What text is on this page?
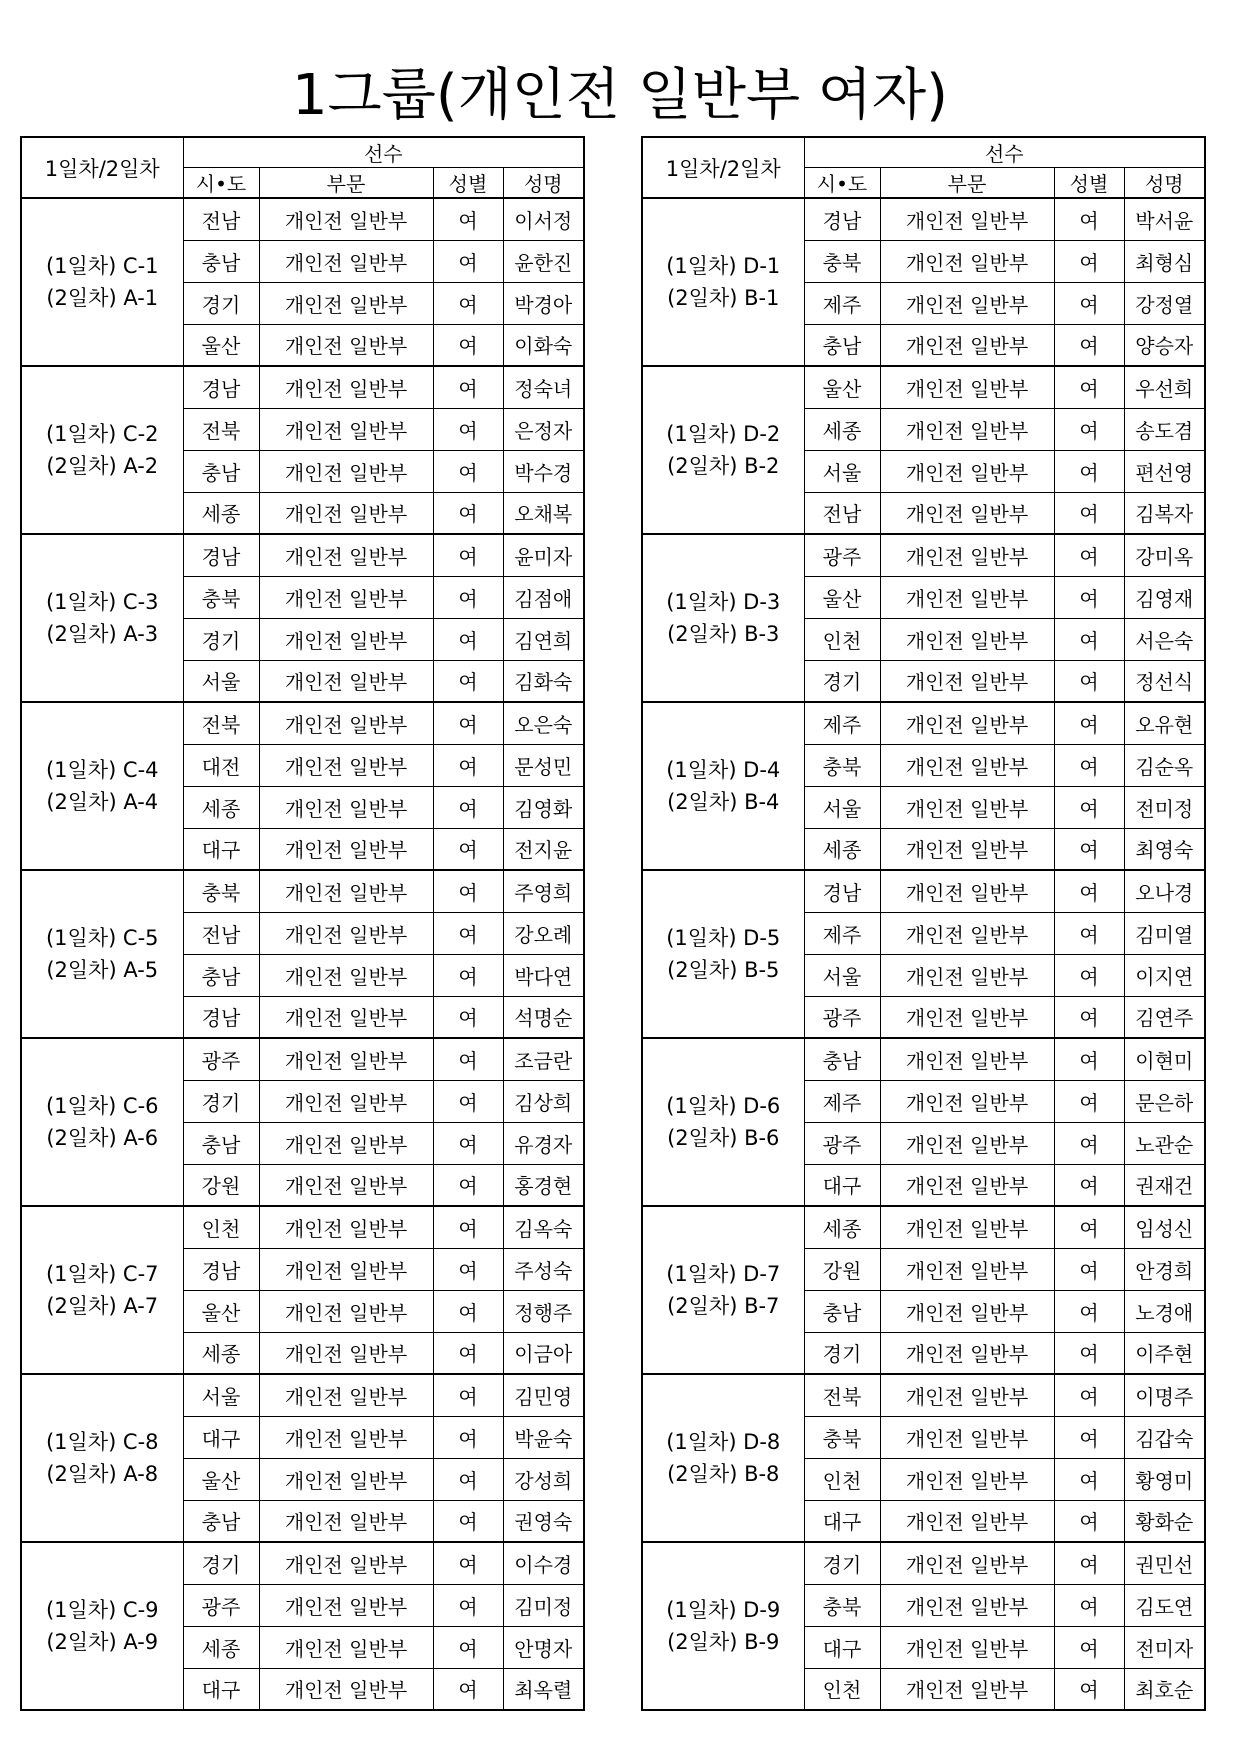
1그룹(개인전 일반부 여자)
1일차/2일차	선수			
	시•도	부문	성별	성명

(1일차) C-1
(2일차) A-1	전남	개인전 일반부	여	이서정
	충남	개인전 일반부	여	윤한진
	경기	개인전 일반부	여	박경아
	울산	개인전 일반부	여	이화숙

(1일차) C-2
(2일차) A-2	경남	개인전 일반부	여	정숙녀
	전북	개인전 일반부	여	은정자
	충남	개인전 일반부	여	박수경
	세종	개인전 일반부	여	오채복

(1일차) C-3
(2일차) A-3	경남	개인전 일반부	여	윤미자
	충북	개인전 일반부	여	김점애
	경기	개인전 일반부	여	김연희
	서울	개인전 일반부	여	김화숙

(1일차) C-4
(2일차) A-4	전북	개인전 일반부	여	오은숙
	대전	개인전 일반부	여	문성민
	세종	개인전 일반부	여	김영화
	대구	개인전 일반부	여	전지윤

(1일차) C-5
(2일차) A-5	충북	개인전 일반부	여	주영희
	전남	개인전 일반부	여	강오례
	충남	개인전 일반부	여	박다연
	경남	개인전 일반부	여	석명순

(1일차) C-6
(2일차) A-6	광주	개인전 일반부	여	조금란
	경기	개인전 일반부	여	김상희
	충남	개인전 일반부	여	유경자
	강원	개인전 일반부	여	홍경현

(1일차) C-7
(2일차) A-7	인천	개인전 일반부	여	김옥숙
	경남	개인전 일반부	여	주성숙
	울산	개인전 일반부	여	정행주
	세종	개인전 일반부	여	이금아

(1일차) C-8
(2일차) A-8	서울	개인전 일반부	여	김민영
	대구	개인전 일반부	여	박윤숙
	울산	개인전 일반부	여	강성희
	충남	개인전 일반부	여	권영숙

(1일차) C-9
(2일차) A-9	경기	개인전 일반부	여	이수경
	광주	개인전 일반부	여	김미정
	세종	개인전 일반부	여	안명자
	대구	개인전 일반부	여	최옥렬
1일차/2일차	선수			
	시•도	부문	성별	성명

(1일차) D-1
(2일차) B-1	경남	개인전 일반부	여	박서윤
	충북	개인전 일반부	여	최형심
	제주	개인전 일반부	여	강정열
	충남	개인전 일반부	여	양승자

(1일차) D-2
(2일차) B-2	울산	개인전 일반부	여	우선희
	세종	개인전 일반부	여	송도겸
	서울	개인전 일반부	여	편선영
	전남	개인전 일반부	여	김복자

(1일차) D-3
(2일차) B-3	광주	개인전 일반부	여	강미옥
	울산	개인전 일반부	여	김영재
	인천	개인전 일반부	여	서은숙
	경기	개인전 일반부	여	정선식

(1일차) D-4
(2일차) B-4	제주	개인전 일반부	여	오유현
	충북	개인전 일반부	여	김순옥
	서울	개인전 일반부	여	전미정
	세종	개인전 일반부	여	최영숙

(1일차) D-5
(2일차) B-5	경남	개인전 일반부	여	오나경
	제주	개인전 일반부	여	김미열
	서울	개인전 일반부	여	이지연
	광주	개인전 일반부	여	김연주

(1일차) D-6
(2일차) B-6	충남	개인전 일반부	여	이현미
	제주	개인전 일반부	여	문은하
	광주	개인전 일반부	여	노관순
	대구	개인전 일반부	여	권재건

(1일차) D-7
(2일차) B-7	세종	개인전 일반부	여	임성신
	강원	개인전 일반부	여	안경희
	충남	개인전 일반부	여	노경애
	경기	개인전 일반부	여	이주현

(1일차) D-8
(2일차) B-8	전북	개인전 일반부	여	이명주
	충북	개인전 일반부	여	김갑숙
	인천	개인전 일반부	여	황영미
	대구	개인전 일반부	여	황화순

(1일차) D-9
(2일차) B-9	경기	개인전 일반부	여	권민선
	충북	개인전 일반부	여	김도연
	대구	개인전 일반부	여	전미자
	인천	개인전 일반부	여	최호순
